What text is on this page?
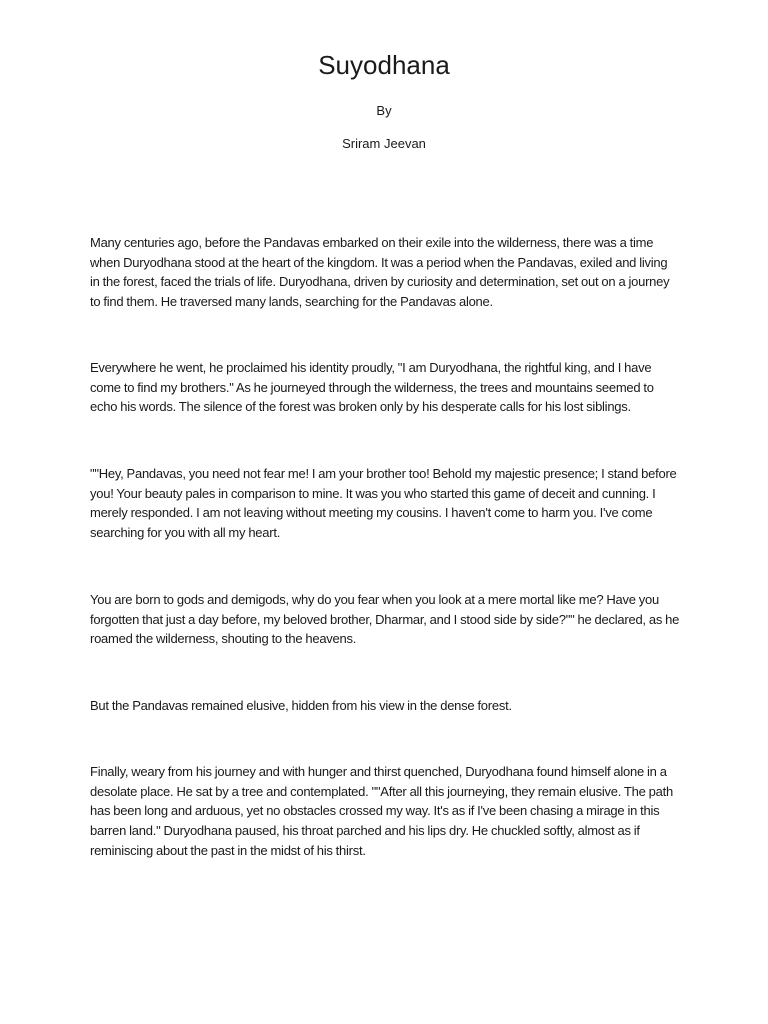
Suyodhana
By
Sriram Jeevan

Many centuries ago, before the Pandavas embarked on their exile into the wilderness, there was a time when Duryodhana stood at the heart of the kingdom. It was a period when the Pandavas, exiled and living in the forest, faced the trials of life. Duryodhana, driven by curiosity and determination, set out on a journey to find them. He traversed many lands, searching for the Pandavas alone.

Everywhere he went, he proclaimed his identity proudly, "I am Duryodhana, the rightful king, and I have come to find my brothers." As he journeyed through the wilderness, the trees and mountains seemed to echo his words. The silence of the forest was broken only by his desperate calls for his lost siblings.

""Hey, Pandavas, you need not fear me! I am your brother too! Behold my majestic presence; I stand before you! Your beauty pales in comparison to mine. It was you who started this game of deceit and cunning. I merely responded. I am not leaving without meeting my cousins. I haven't come to harm you. I've come searching for you with all my heart.

You are born to gods and demigods, why do you fear when you look at a mere mortal like me? Have you forgotten that just a day before, my beloved brother, Dharmar, and I stood side by side?"" he declared, as he roamed the wilderness, shouting to the heavens.

But the Pandavas remained elusive, hidden from his view in the dense forest.

Finally, weary from his journey and with hunger and thirst quenched, Duryodhana found himself alone in a desolate place. He sat by a tree and contemplated. ""After all this journeying, they remain elusive. The path has been long and arduous, yet no obstacles crossed my way. It's as if I've been chasing a mirage in this barren land." Duryodhana paused, his throat parched and his lips dry. He chuckled softly, almost as if reminiscing about the past in the midst of his thirst.
